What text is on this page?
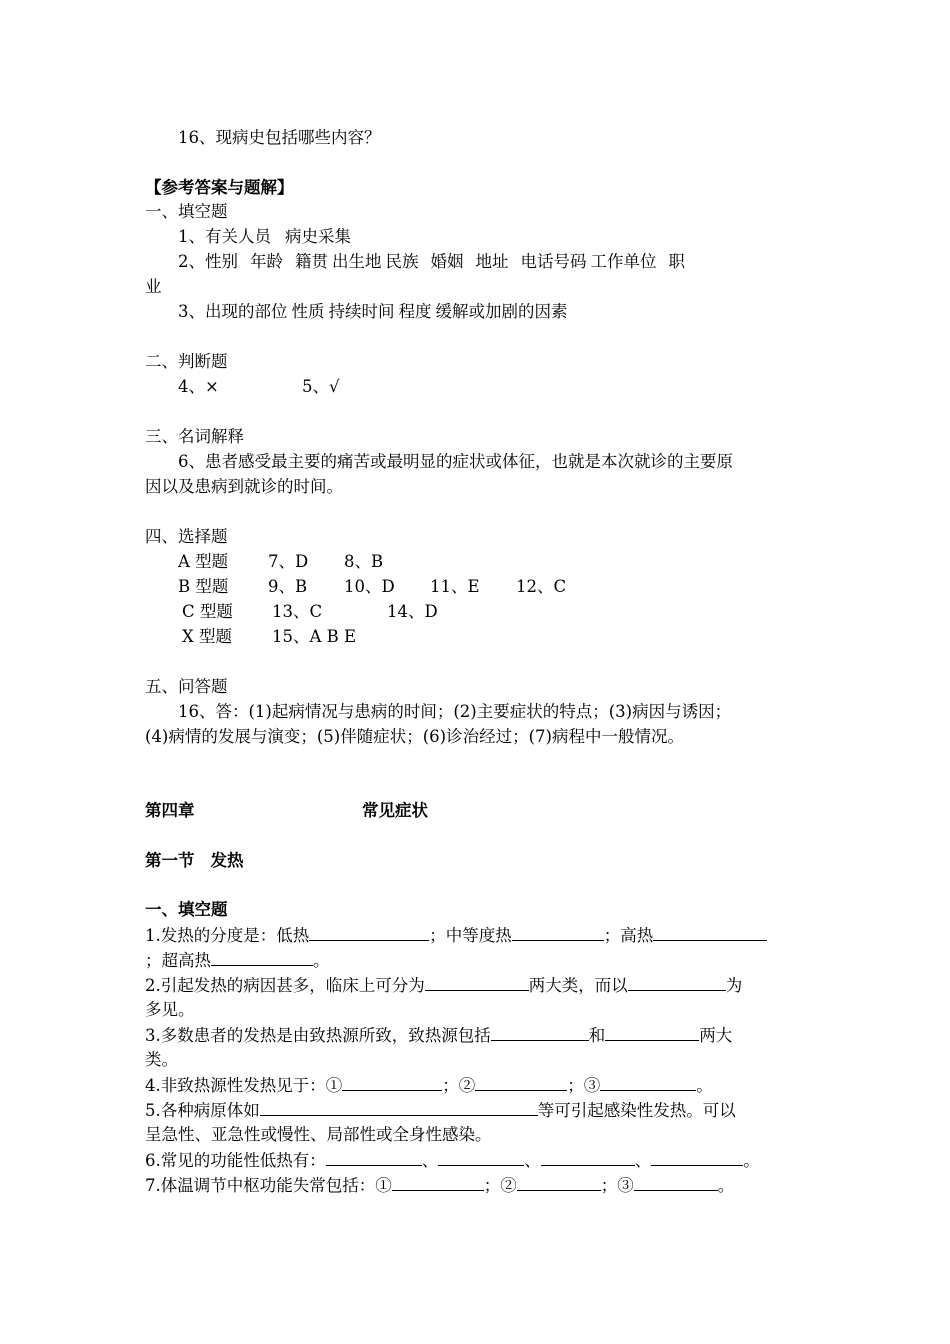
16、现病史包括哪些内容？
【参考答案与题解】
一、填空题
1、有关人员 病史采集
2、性别 年龄 籍贯 出生地 民族 婚姻 地址 电话号码 工作单位 职
业
3、出现的部位 性质 持续时间 程度 缓解或加剧的因素
二、判断题
4、×	5、√
三、名词解释
6、患者感受最主要的痛苦或最明显的症状或体征，也就是本次就诊的主要原
因以及患病到就诊的时间。
四、选择题
A 型题 7、D 8、B
B 型题 9、B 10、D 11、E 12、C
C 型题 13、C	14、D
X 型题 15、A B E
五、问答题
16、答：(1)起病情况与患病的时间；(2)主要症状的特点；(3)病因与诱因；
(4)病情的发展与演变；(5)伴随症状；(6)诊治经过；(7)病程中一般情况。
第四章	常见症状
第一节 发热
一、填空题
1.发热的分度是：低热	；中等度热	；高热
；超高热	。
2.引起发热的病因甚多，临床上可分为	两大类，而以	为
多见。
3.多数患者的发热是由致热源所致，致热源包括	和	两大
类。
4.非致热源性发热见于：①	；②	；③	。
5.各种病原体如	等可引起感染性发热。可以
呈急性、亚急性或慢性、局部性或全身性感染。
6.常见的功能性低热有：	、	、	、	。
7.体温调节中枢功能失常包括：①	；②	；③	。
